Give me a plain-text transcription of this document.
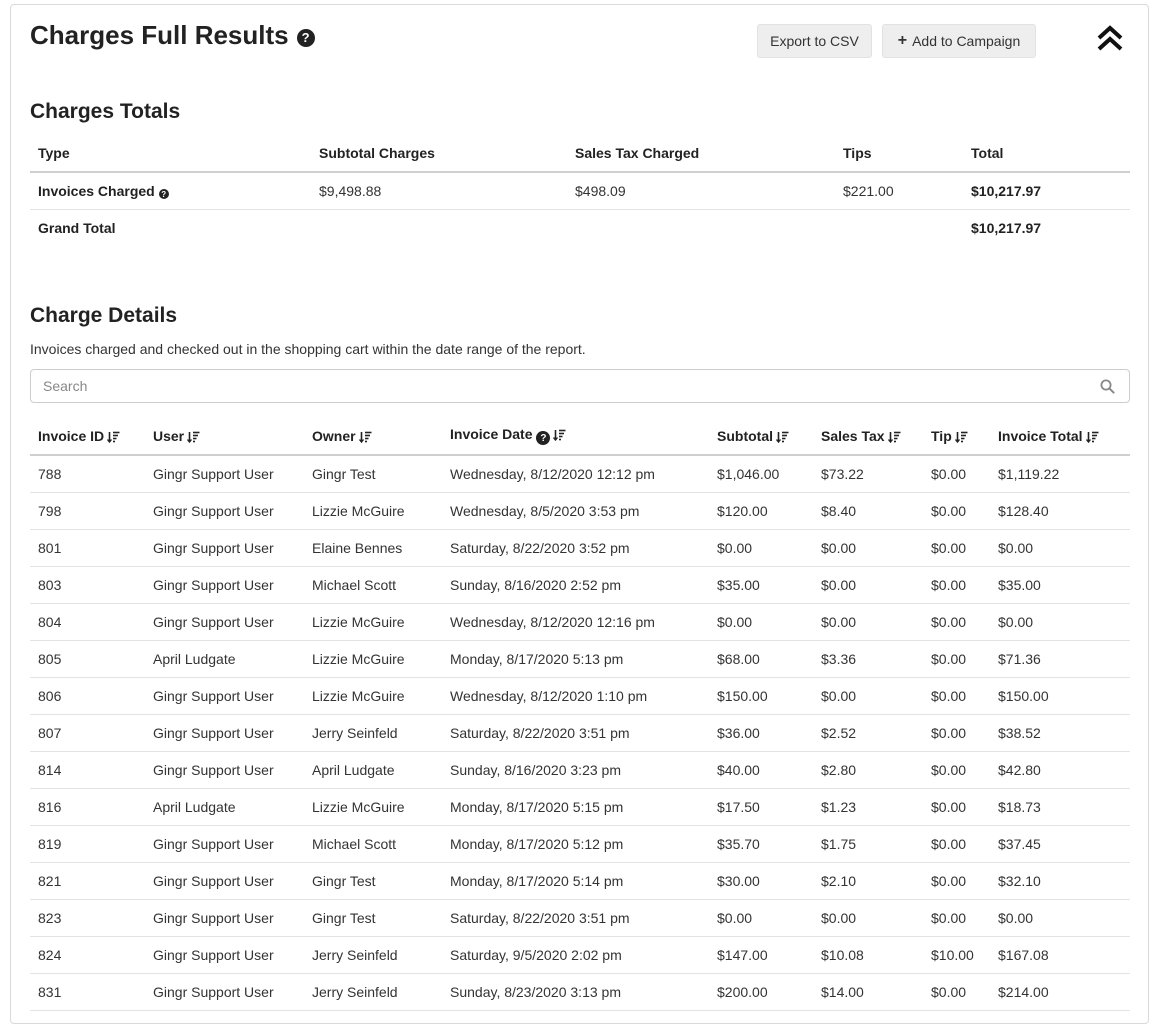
Charges Full Results	?	Export to CSV + Add to Campaign
Charges Totals
Type	Subtotal Charges	Sales Tax Charged	Tips	Total
Invoices Charged ?	$9,498.88	$498.09	$221.00	$10,217.97
Grand Total				$10,217.97
Charge Details
Invoices charged and checked out in the shopping cart within the date range of the report.
Search
Invoice ID	User	Owner	Invoice Date ?	Subtotal	Sales Tax	Tip	Invoice Total
788	Gingr Support User	Gingr Test	Wednesday, 8/12/2020 12:12 pm	$1,046.00	$73.22	$0.00	$1,119.22
798	Gingr Support User	Lizzie McGuire	Wednesday, 8/5/2020 3:53 pm	$120.00	$8.40	$0.00	$128.40
801	Gingr Support User	Elaine Bennes	Saturday, 8/22/2020 3:52 pm	$0.00	$0.00	$0.00	$0.00
803	Gingr Support User	Michael Scott	Sunday, 8/16/2020 2:52 pm	$35.00	$0.00	$0.00	$35.00
804	Gingr Support User	Lizzie McGuire	Wednesday, 8/12/2020 12:16 pm	$0.00	$0.00	$0.00	$0.00
805	April Ludgate	Lizzie McGuire	Monday, 8/17/2020 5:13 pm	$68.00	$3.36	$0.00	$71.36
806	Gingr Support User	Lizzie McGuire	Wednesday, 8/12/2020 1:10 pm	$150.00	$0.00	$0.00	$150.00
807	Gingr Support User	Jerry Seinfeld	Saturday, 8/22/2020 3:51 pm	$36.00	$2.52	$0.00	$38.52
814	Gingr Support User	April Ludgate	Sunday, 8/16/2020 3:23 pm	$40.00	$2.80	$0.00	$42.80
816	April Ludgate	Lizzie McGuire	Monday, 8/17/2020 5:15 pm	$17.50	$1.23	$0.00	$18.73
819	Gingr Support User	Michael Scott	Monday, 8/17/2020 5:12 pm	$35.70	$1.75	$0.00	$37.45
821	Gingr Support User	Gingr Test	Monday, 8/17/2020 5:14 pm	$30.00	$2.10	$0.00	$32.10
823	Gingr Support User	Gingr Test	Saturday, 8/22/2020 3:51 pm	$0.00	$0.00	$0.00	$0.00
824	Gingr Support User	Jerry Seinfeld	Saturday, 9/5/2020 2:02 pm	$147.00	$10.08	$10.00	$167.08
831	Gingr Support User	Jerry Seinfeld	Sunday, 8/23/2020 3:13 pm	$200.00	$14.00	$0.00	$214.00
